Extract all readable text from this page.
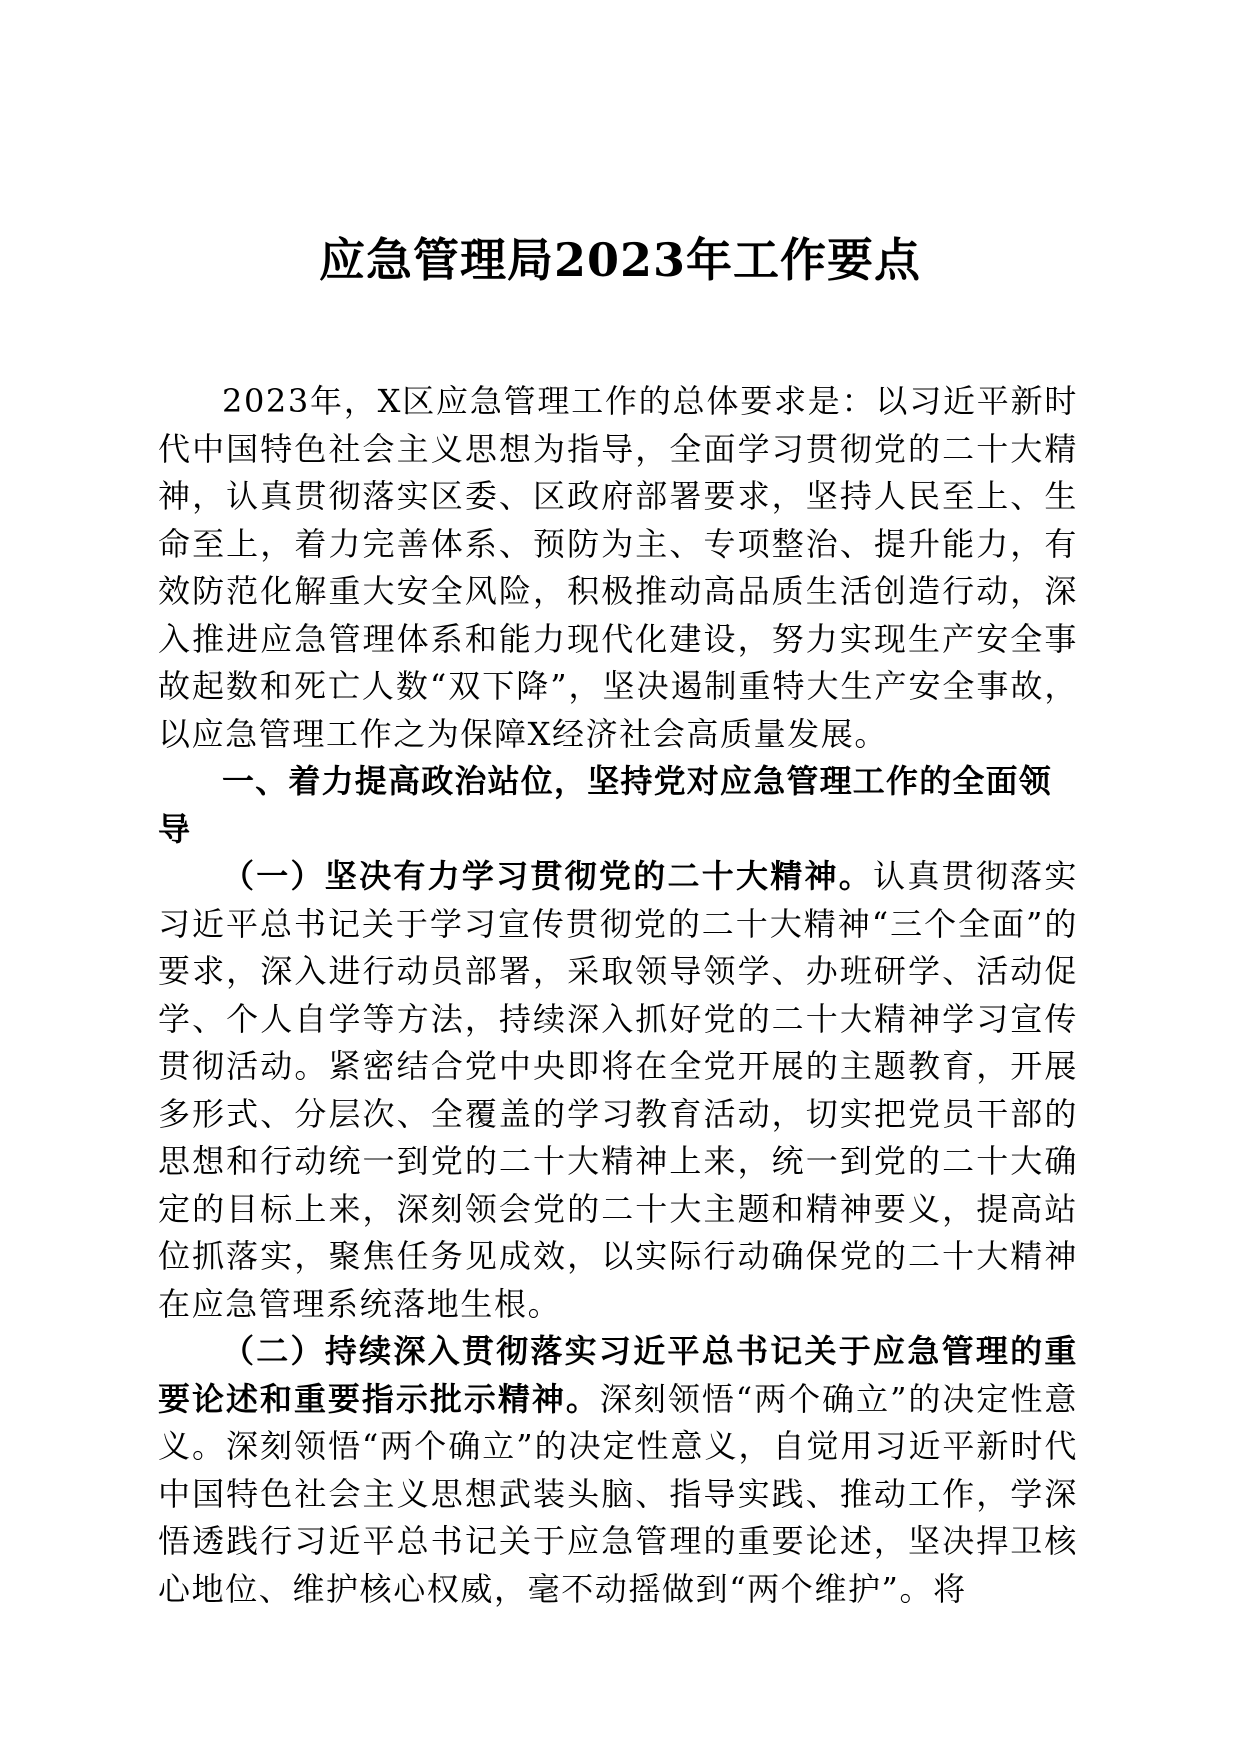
应急管理局2023年工作要点

2023年，X区应急管理工作的总体要求是：以习近平新时代中国特色社会主义思想为指导，全面学习贯彻党的二十大精神，认真贯彻落实区委、区政府部署要求，坚持人民至上、生命至上，着力完善体系、预防为主、专项整治、提升能力，有效防范化解重大安全风险，积极推动高品质生活创造行动，深入推进应急管理体系和能力现代化建设，努力实现生产安全事故起数和死亡人数“双下降”，坚决遏制重特大生产安全事故，以应急管理工作之为保障X经济社会高质量发展。

一、着力提高政治站位，坚持党对应急管理工作的全面领导

（一）坚决有力学习贯彻党的二十大精神。认真贯彻落实习近平总书记关于学习宣传贯彻党的二十大精神“三个全面”的要求，深入进行动员部署，采取领导领学、办班研学、活动促学、个人自学等方法，持续深入抓好党的二十大精神学习宣传贯彻活动。紧密结合党中央即将在全党开展的主题教育，开展多形式、分层次、全覆盖的学习教育活动，切实把党员干部的思想和行动统一到党的二十大精神上来，统一到党的二十大确定的目标上来，深刻领会党的二十大主题和精神要义，提高站位抓落实，聚焦任务见成效，以实际行动确保党的二十大精神在应急管理系统落地生根。

（二）持续深入贯彻落实习近平总书记关于应急管理的重要论述和重要指示批示精神。深刻领悟“两个确立”的决定性意义。深刻领悟“两个确立”的决定性意义，自觉用习近平新时代中国特色社会主义思想武装头脑、指导实践、推动工作，学深悟透践行习近平总书记关于应急管理的重要论述，坚决捍卫核心地位、维护核心权威，毫不动摇做到“两个维护”。将
